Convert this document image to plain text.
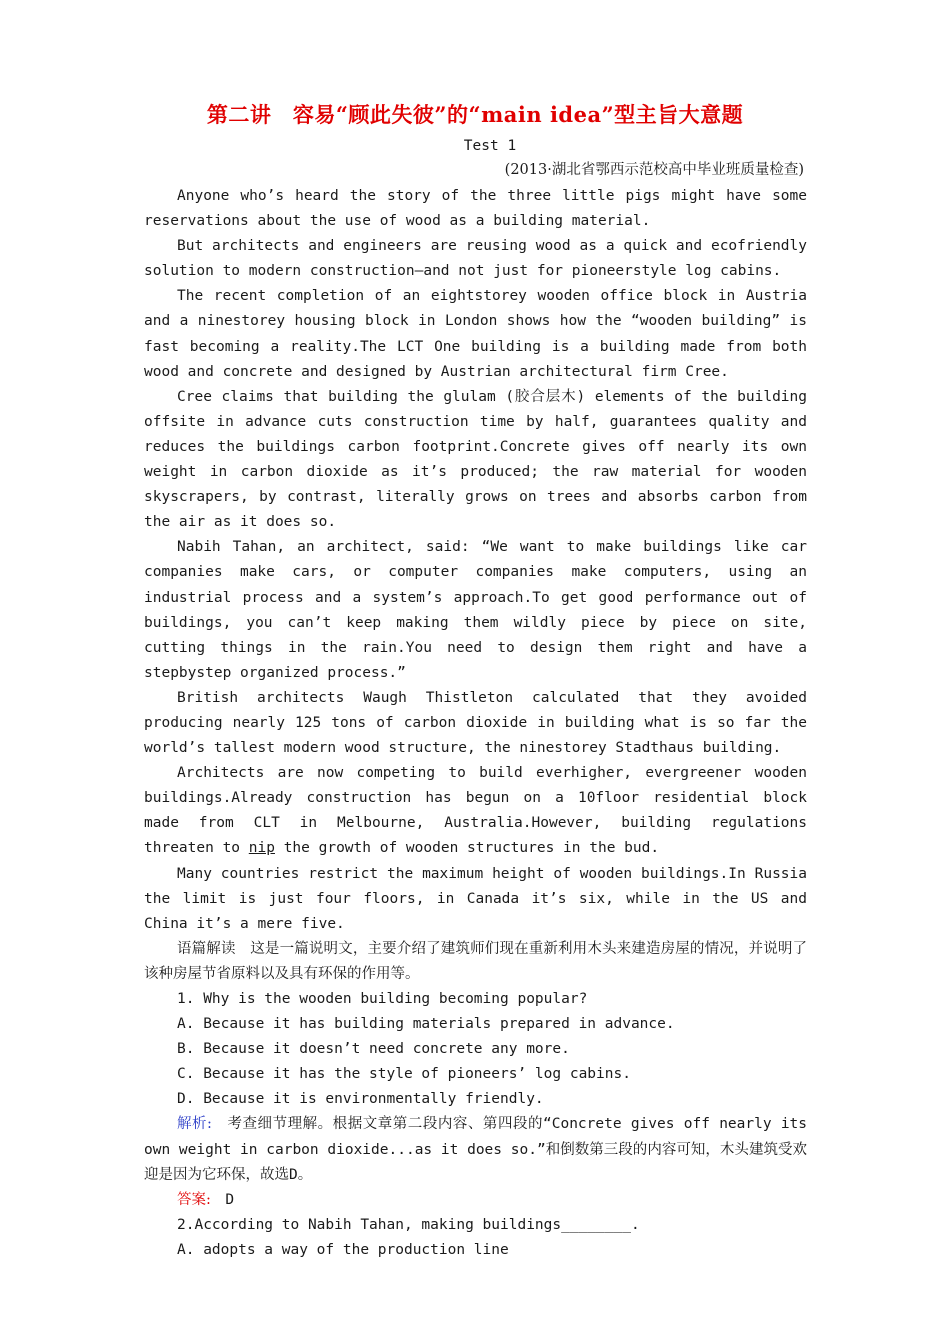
第二讲　容易“顾此失彼”的“main idea”型主旨大意题
Test 1
(2013·湖北省鄂西示范校高中毕业班质量检查)

Anyone who’s heard the story of the three little pigs might have some reservations about the use of wood as a building material.

But architects and engineers are reusing wood as a quick and ecofriendly solution to modern construction—and not just for pioneerstyle log cabins.

The recent completion of an eightstorey wooden office block in Austria and a ninestorey housing block in London shows how the “wooden building” is fast becoming a reality.The LCT One building is a building made from both wood and concrete and designed by Austrian architectural firm Cree.

Cree claims that building the glulam (胶合层木) elements of the building offsite in advance cuts construction time by half, guarantees quality and reduces the buildings carbon footprint.Concrete gives off nearly its own weight in carbon dioxide as it’s produced; the raw material for wooden skyscrapers, by contrast, literally grows on trees and absorbs carbon from the air as it does so.

Nabih Tahan, an architect, said: “We want to make buildings like car companies make cars, or computer companies make computers, using an industrial process and a system’s approach.To get good performance out of buildings, you can’t keep making them wildly piece by piece on site, cutting things in the rain.You need to design them right and have a stepbystep organized process.”

British architects Waugh Thistleton calculated that they avoided producing nearly 125 tons of carbon dioxide in building what is so far the world’s tallest modern wood structure, the ninestorey Stadthaus building.

Architects are now competing to build everhigher, evergreener wooden buildings.Already construction has begun on a 10floor residential block made from CLT in Melbourne, Australia.However, building regulations threaten to nip the growth of wooden structures in the bud.

Many countries restrict the maximum height of wooden buildings.In Russia the limit is just four floors, in Canada it’s six, while in the US and China it’s a mere five.

语篇解读　 这是一篇说明文，主要介绍了建筑师们现在重新利用木头来建造房屋的情况，并说明了该种房屋节省原料以及具有环保的作用等。

1. Why is the wooden building becoming popular?

A. Because it has building materials prepared in advance.

B. Because it doesn’t need concrete any more.

C. Because it has the style of pioneers’ log cabins.

D. Because it is environmentally friendly.

解析:　 考查细节理解。根据文章第二段内容、第四段的“Concrete gives off nearly its own weight in carbon dioxide...as it does so.”和倒数第三段的内容可知，木头建筑受欢迎是因为它环保，故选D。

答案:　 D

2.According to Nabih Tahan, making buildings________.

A. adopts a way of the production line
